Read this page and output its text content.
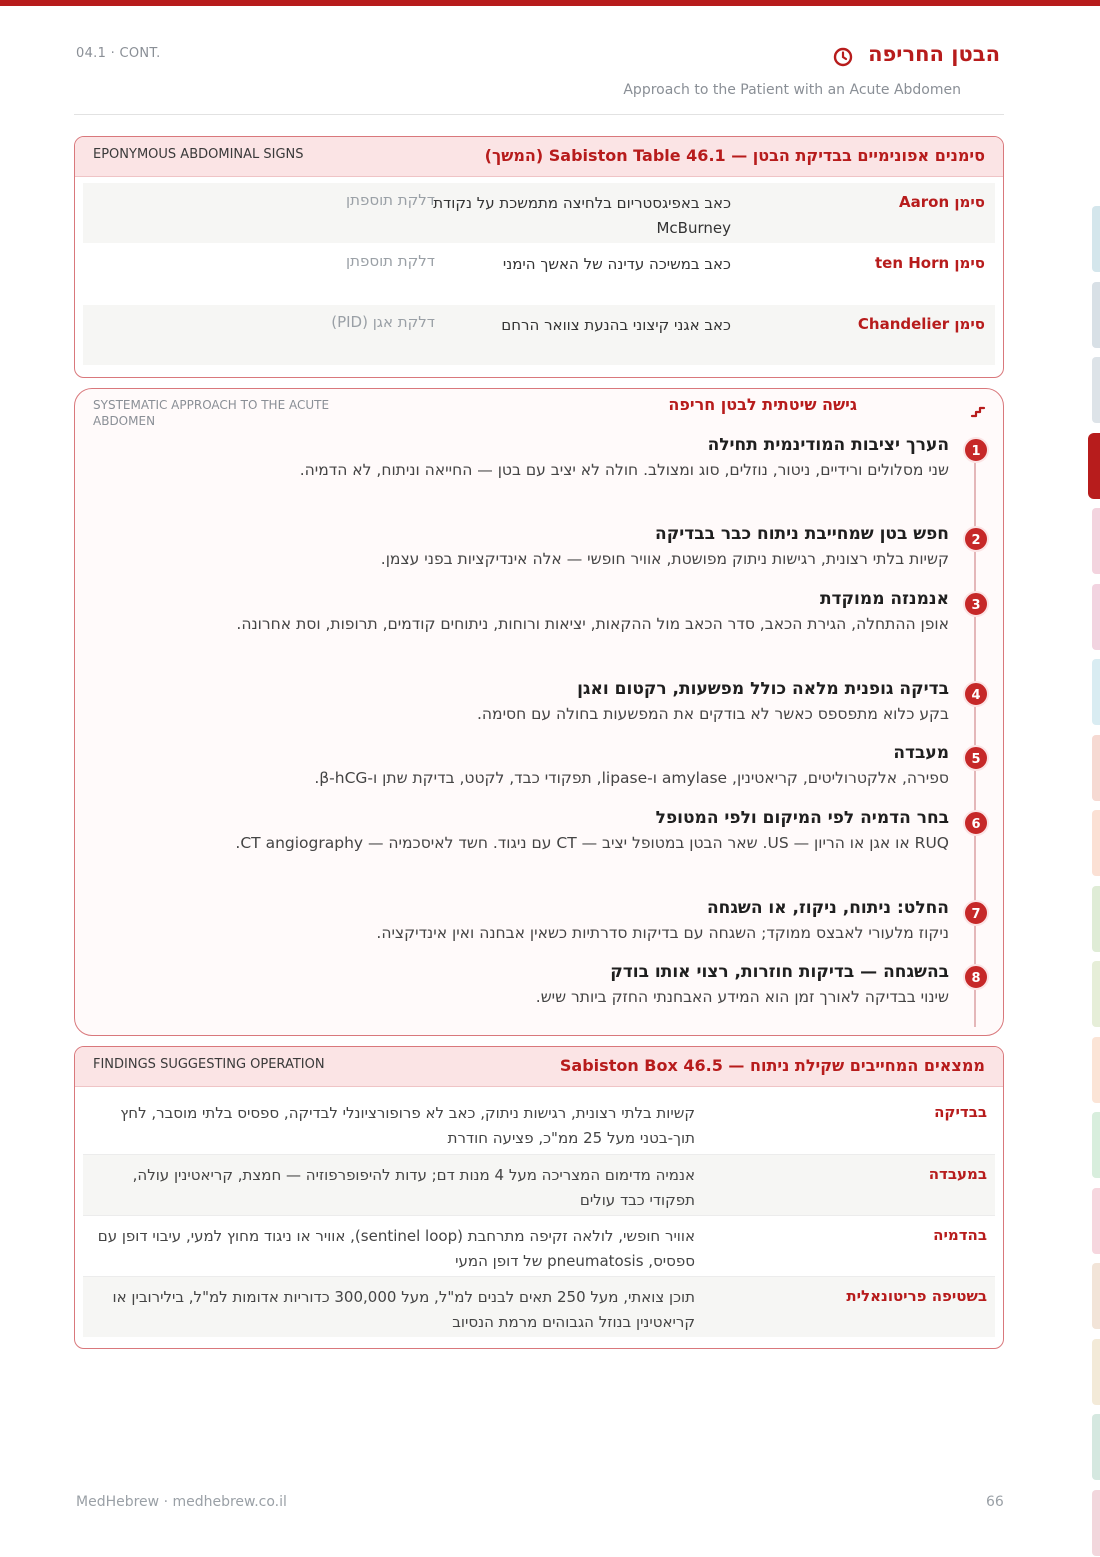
04.1 · CONT.	הבטן החריפה
Approach to the Patient with an Acute Abdomen
EPONYMOUS ABDOMINAL SIGNS	סימנים אפונימיים בבדיקת הבטן — Sabiston Table 46.1 (המשך)
סימן Aaron
כאב באפיגסטריום בלחיצה מתמשכת על נקודת McBurney
דלקת תוספתן
סימן ten Horn
כאב במשיכה עדינה של האשך הימני
דלקת תוספתן
סימן Chandelier
כאב אגני קיצוני בהנעת צוואר הרחם
דלקת אגן (PID)
SYSTEMATIC APPROACH TO THE ACUTE ABDOMEN
גישה שיטתית לבטן חריפה
1
הערך יציבות המודינמית תחילה
שני מסלולים ורידיים, ניטור, נוזלים, סוג ומצולב. חולה לא יציב עם בטן — החייאה וניתוח, לא הדמיה.
2
חפש בטן שמחייבת ניתוח כבר בבדיקה
קשיות בלתי רצונית, רגישות ניתוק מפושטת, אוויר חופשי — אלה אינדיקציות בפני עצמן.
3
אנמנזה ממוקדת
אופן ההתחלה, הגירת הכאב, סדר הכאב מול ההקאות, יציאות ורוחות, ניתוחים קודמים, תרופות, וסת אחרונה.
4
בדיקה גופנית מלאה כולל מפשעות, רקטום ואגן
בקע כלוא מתפספס כאשר לא בודקים את המפשעות בחולה עם חסימה.
5
מעבדה
ספירה, אלקטרוליטים, קריאטינין, amylase ו-lipase, תפקודי כבד, לקטט, בדיקת שתן ו-β-hCG.
6
בחר הדמיה לפי המיקום ולפי המטופל
RUQ או אגן או הריון — US. שאר הבטן במטופל יציב — CT עם ניגוד. חשד לאיסכמיה — CT angiography.
7
החלט: ניתוח, ניקוז, או השגחה
ניקוז מלעורי לאבצס ממוקד; השגחה עם בדיקות סדרתיות כשאין אבחנה ואין אינדיקציה.
8
בהשגחה — בדיקות חוזרות, רצוי אותו בודק
שינוי בבדיקה לאורך זמן הוא המידע האבחנתי החזק ביותר שיש.
FINDINGS SUGGESTING OPERATION	ממצאים המחייבים שקילת ניתוח — Sabiston Box 46.5
בבדיקה
קשיות בלתי רצונית, רגישות ניתוק, כאב לא פרופורציונלי לבדיקה, ספסיס בלתי מוסבר, לחץ תוך-בטני מעל 25 ממ"כ, פציעה חודרת
במעבדה
אנמיה מדימום המצריכה מעל 4 מנות דם; עדות להיפופרפוזיה — חמצת, קריאטינין עולה, תפקודי כבד עולים
בהדמיה
אוויר חופשי, לולאה זקיפה מתרחבת (sentinel loop), אוויר או ניגוד מחוץ למעי, עיבוי דופן עם ספסיס, pneumatosis של דופן המעי
בשטיפה פריטונאלית
תוכן צואתי, מעל 250 תאים לבנים למ"ל, מעל 300,000 כדוריות אדומות למ"ל, בילירובין או קריאטינין בנוזל הגבוהים מרמת הנסיוב
MedHebrew · medhebrew.co.il	66
